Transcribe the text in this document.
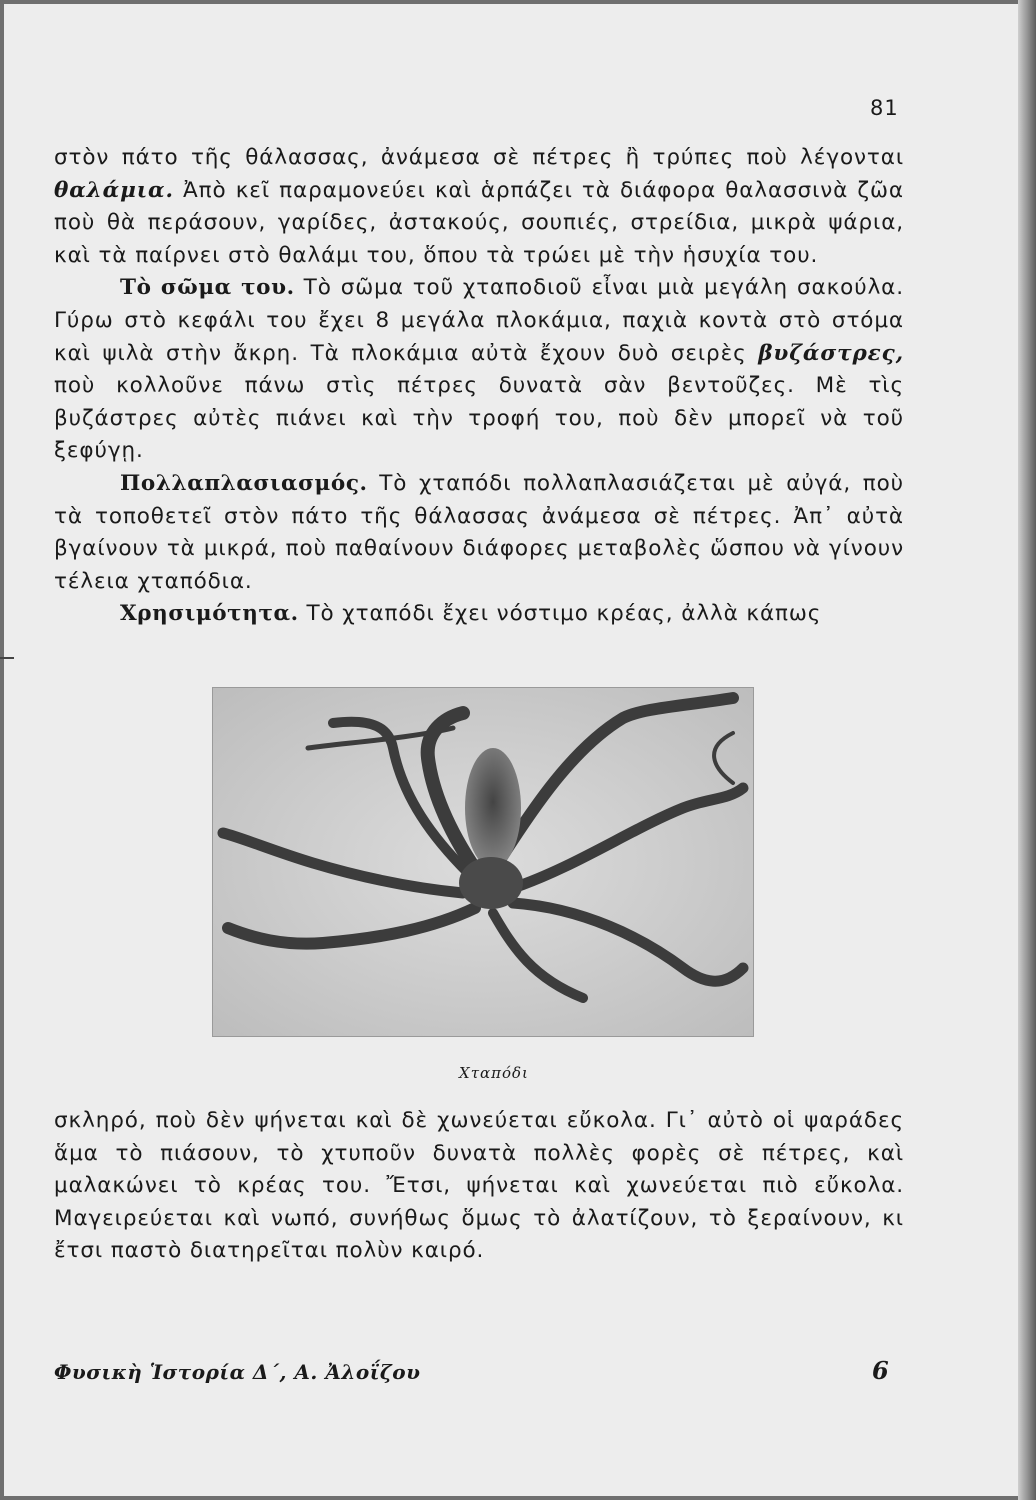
81

στὸν πάτο τῆς θάλασσας, ἀνάμεσα σὲ πέτρες ἢ τρύπες ποὺ λέγονται θαλάμια. Ἀπὸ κεῖ παραμονεύει καὶ ἁρπάζει τὰ διάφορα θαλασσινὰ ζῶα ποὺ θὰ περάσουν, γαρίδες, ἀστακούς, σουπιές, στρείδια, μικρὰ ψάρια, καὶ τὰ παίρνει στὸ θαλάμι του, ὅπου τὰ τρώει μὲ τὴν ἡσυχία του.

Τὸ σῶμα του. Τὸ σῶμα τοῦ χταποδιοῦ εἶναι μιὰ μεγάλη σακούλα. Γύρω στὸ κεφάλι του ἔχει 8 μεγάλα πλοκάμια, παχιὰ κοντὰ στὸ στόμα καὶ ψιλὰ στὴν ἄκρη. Τὰ πλοκάμια αὐτὰ ἔχουν δυὸ σειρὲς βυζάστρες, ποὺ κολλοῦνε πάνω στὶς πέτρες δυνατὰ σὰν βεντοῦζες. Μὲ τὶς βυζάστρες αὐτὲς πιάνει καὶ τὴν τροφή του, ποὺ δὲν μπορεῖ νὰ τοῦ ξεφύγῃ.

Πολλαπλασιασμός. Τὸ χταπόδι πολλαπλασιάζεται μὲ αὐγά, ποὺ τὰ τοποθετεῖ στὸν πάτο τῆς θάλασσας ἀνάμεσα σὲ πέτρες. Ἀπ᾽ αὐτὰ βγαίνουν τὰ μικρά, ποὺ παθαίνουν διάφορες μεταβολὲς ὥσπου νὰ γίνουν τέλεια χταπόδια.

Χρησιμότητα. Τὸ χταπόδι ἔχει νόστιμο κρέας, ἀλλὰ κάπως

Χταπόδι

σκληρό, ποὺ δὲν ψήνεται καὶ δὲ χωνεύεται εὔκολα. Γι᾽ αὐτὸ οἱ ψαράδες ἅμα τὸ πιάσουν, τὸ χτυποῦν δυνατὰ πολλὲς φορὲς σὲ πέτρες, καὶ μαλακώνει τὸ κρέας του. Ἔτσι, ψήνεται καὶ χωνεύεται πιὸ εὔκολα. Μαγειρεύεται καὶ νωπό, συνήθως ὅμως τὸ ἀλατίζουν, τὸ ξεραίνουν, κι ἔτσι παστὸ διατηρεῖται πολὺν καιρό.

Φυσικὴ Ἱστορία Δ΄, Α. Ἀλοΐζου	6
